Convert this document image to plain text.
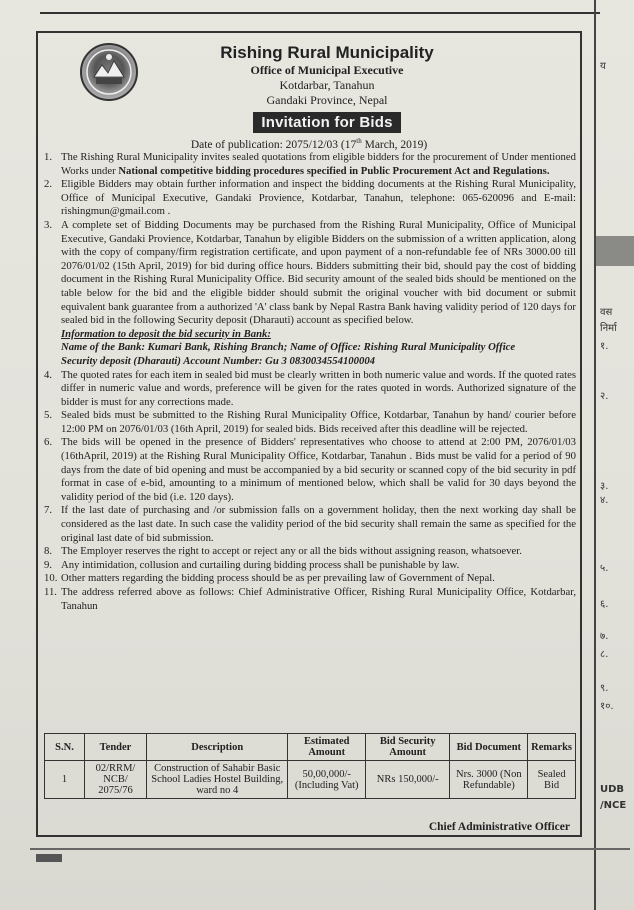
य
वस
निर्मा
१.
२.
३.
४.
५.
६.
७.
८.
९.
१०.
UDB
/NCE
Rishing Rural Municipality
Office of Municipal Executive
Kotdarbar, Tanahun
Gandaki Province, Nepal
Invitation for Bids
Date of publication: 2075/12/03 (17th March, 2019)
1. The Rishing Rural Municipality invites sealed quotations from eligible bidders for the procurement of Under mentioned Works under National competitive bidding procedures specified in Public Procurement Act and Regulations.
2. Eligible Bidders may obtain further information and inspect the bidding documents at the Rishing Rural Municipality, Office of Municipal Executive, Gandaki Provience, Kotdarbar, Tanahun, telephone: 065-620096 and E-mail: rishingmun@gmail.com .
3. A complete set of Bidding Documents may be purchased from the Rishing Rural Municipality, Office of Municipal Executive, Gandaki Provience, Kotdarbar, Tanahun by eligible Bidders on the submission of a written application, along with the copy of company/firm registration certificate, and upon payment of a non-refundable fee of NRs 3000.00 till 2076/01/02 (15th April, 2019) for bid during office hours. Bidders submitting their bid, should pay the cost of bidding document in the Rishing Rural Municipality Office. Bid security amount of the sealed bids should be mentioned on the table below for the bid and the eligible bidder should submit the original voucher with bid document or submit equivalent bank guarantee from a authorized 'A' class bank by Nepal Rastra Bank having validity period of 120 days for sealed bid in the following Security deposit (Dharauti) account as specified below.
Information to deposit the bid security in Bank:
Name of the Bank: Kumari Bank, Rishing Branch; Name of Office: Rishing Rural Municipality Office
Security deposit (Dharauti) Account Number: Gu 3 0830034554100004
4. The quoted rates for each item in sealed bid must be clearly written in both numeric value and words. If the quoted rates differ in numeric value and words, preference will be given for the rates quoted in words. Authorized signature of the bidder is must for any corrections made.
5. Sealed bids must be submitted to the Rishing Rural Municipality Office, Kotdarbar, Tanahun by hand/ courier before 12:00 PM on 2076/01/03 (16th April, 2019) for sealed bids. Bids received after this deadline will be rejected.
6. The bids will be opened in the presence of Bidders' representatives who choose to attend at 2:00 PM, 2076/01/03 (16thApril, 2019) at the Rishing Rural Municipality Office, Kotdarbar, Tanahun . Bids must be valid for a period of 90 days from the date of bid opening and must be accompanied by a bid security or scanned copy of the bid security in pdf format in case of e-bid, amounting to a minimum of mentioned below, which shall be valid for 30 days beyond the validity period of the bid (i.e. 120 days).
7. If the last date of purchasing and /or submission falls on a government holiday, then the next working day shall be considered as the last date. In such case the validity period of the bid security shall remain the same as specified for the original last date of bid submission.
8. The Employer reserves the right to accept or reject any or all the bids without assigning reason, whatsoever.
9. Any intimidation, collusion and curtailing during bidding process shall be punishable by law.
10. Other matters regarding the bidding process should be as per prevailing law of Government of Nepal.
11. The address referred above as follows: Chief Administrative Officer, Rishing Rural Municipality Office, Kotdarbar, Tanahun
S.N.	Tender	Description	Estimated Amount	Bid Security Amount	Bid Document	Remarks
1	02/RRM/ NCB/ 2075/76	Construction of Sahabir Basic School Ladies Hostel Building, ward no 4	50,00,000/- (Including Vat)	NRs 150,000/-	Nrs. 3000 (Non Refundable)	Sealed Bid
Chief Administrative Officer
